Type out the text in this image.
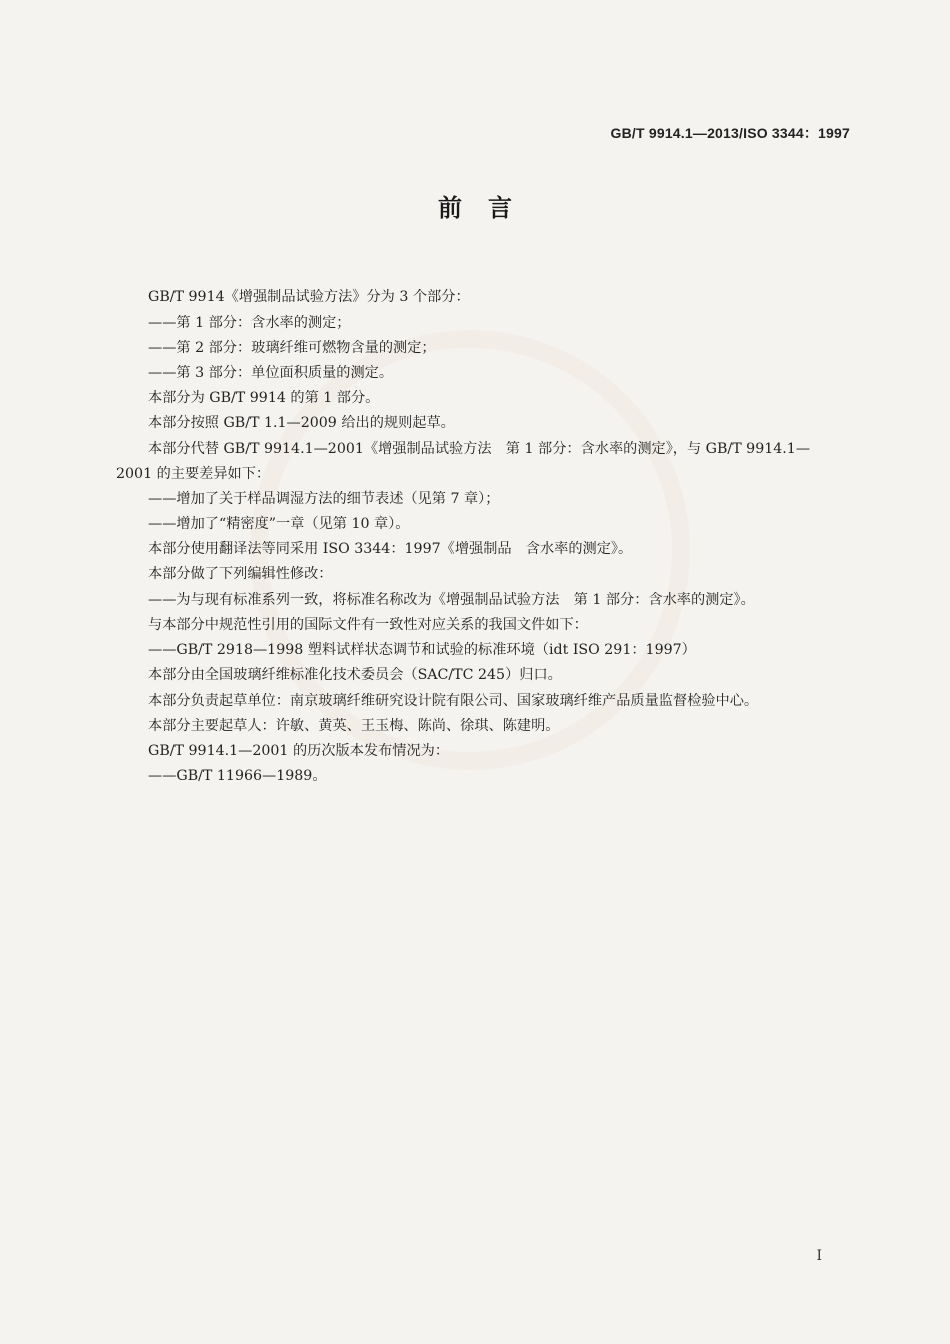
GB/T 9914.1—2013/ISO 3344：1997
前言
GB/T 9914《增强制品试验方法》分为 3 个部分：
——第 1 部分：含水率的测定；
——第 2 部分：玻璃纤维可燃物含量的测定；
——第 3 部分：单位面积质量的测定。
本部分为 GB/T 9914 的第 1 部分。
本部分按照 GB/T 1.1—2009 给出的规则起草。
本部分代替 GB/T 9914.1—2001《增强制品试验方法　第 1 部分：含水率的测定》，与 GB/T 9914.1—
2001 的主要差异如下：
——增加了关于样品调湿方法的细节表述（见第 7 章）；
——增加了“精密度”一章（见第 10 章）。
本部分使用翻译法等同采用 ISO 3344：1997《增强制品　含水率的测定》。
本部分做了下列编辑性修改：
——为与现有标准系列一致，将标准名称改为《增强制品试验方法　第 1 部分：含水率的测定》。
与本部分中规范性引用的国际文件有一致性对应关系的我国文件如下：
——GB/T 2918—1998 塑料试样状态调节和试验的标准环境（idt ISO 291：1997）
本部分由全国玻璃纤维标准化技术委员会（SAC/TC 245）归口。
本部分负责起草单位：南京玻璃纤维研究设计院有限公司、国家玻璃纤维产品质量监督检验中心。
本部分主要起草人：许敏、黄英、王玉梅、陈尚、徐琪、陈建明。
GB/T 9914.1—2001 的历次版本发布情况为：
——GB/T 11966—1989。
I
